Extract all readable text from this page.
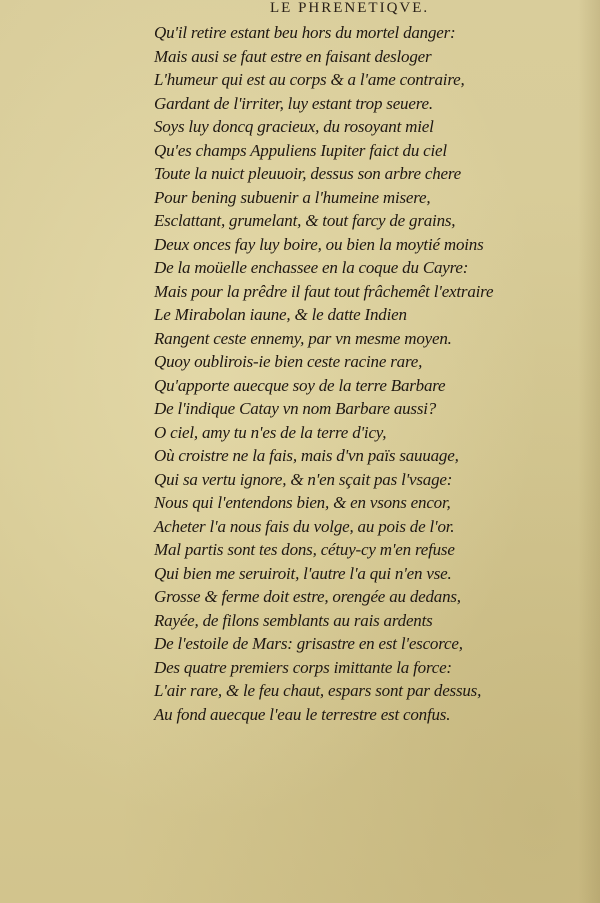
LE PHRENETIQVE.
Qu'il retire estant beu hors du mortel danger:
Mais ausi se faut estre en faisant desloger
L'humeur qui est au corps & a l'ame contraire,
Gardant de l'irriter, luy estant trop seuere.
Soys luy doncq gracieux, du rosoyant miel
Qu'es champs Appuliens Iupiter faict du ciel
Toute la nuict pleuuoir, dessus son arbre chere
Pour bening subuenir a l'humeine misere,
Esclattant, grumelant, & tout farcy de grains,
Deux onces fay luy boire, ou bien la moytié moins
De la moüelle enchassee en la coque du Cayre:
Mais pour la prêdre il faut tout frâchemêt l'extraire
Le Mirabolan iaune, & le datte Indien
Rangent ceste ennemy, par vn mesme moyen.
Quoy oublirois-ie bien ceste racine rare,
Qu'apporte auecque soy de la terre Barbare
De l'indique Catay vn nom Barbare aussi?
O ciel, amy tu n'es de la terre d'icy,
Où croistre ne la fais, mais d'vn païs sauuage,
Qui sa vertu ignore, & n'en sçait pas l'vsage:
Nous qui l'entendons bien, & en vsons encor,
Acheter l'a nous fais du volge, au pois de l'or.
Mal partis sont tes dons, cétuy-cy m'en refuse
Qui bien me seruiroit, l'autre l'a qui n'en vse.
Grosse & ferme doit estre, orengée au dedans,
Rayée, de filons semblants au rais ardents
De l'estoile de Mars: grisastre en est l'escorce,
Des quatre premiers corps imittante la force:
L'air rare, & le feu chaut, espars sont par dessus,
Au fond auecque l'eau le terrestre est confus.
